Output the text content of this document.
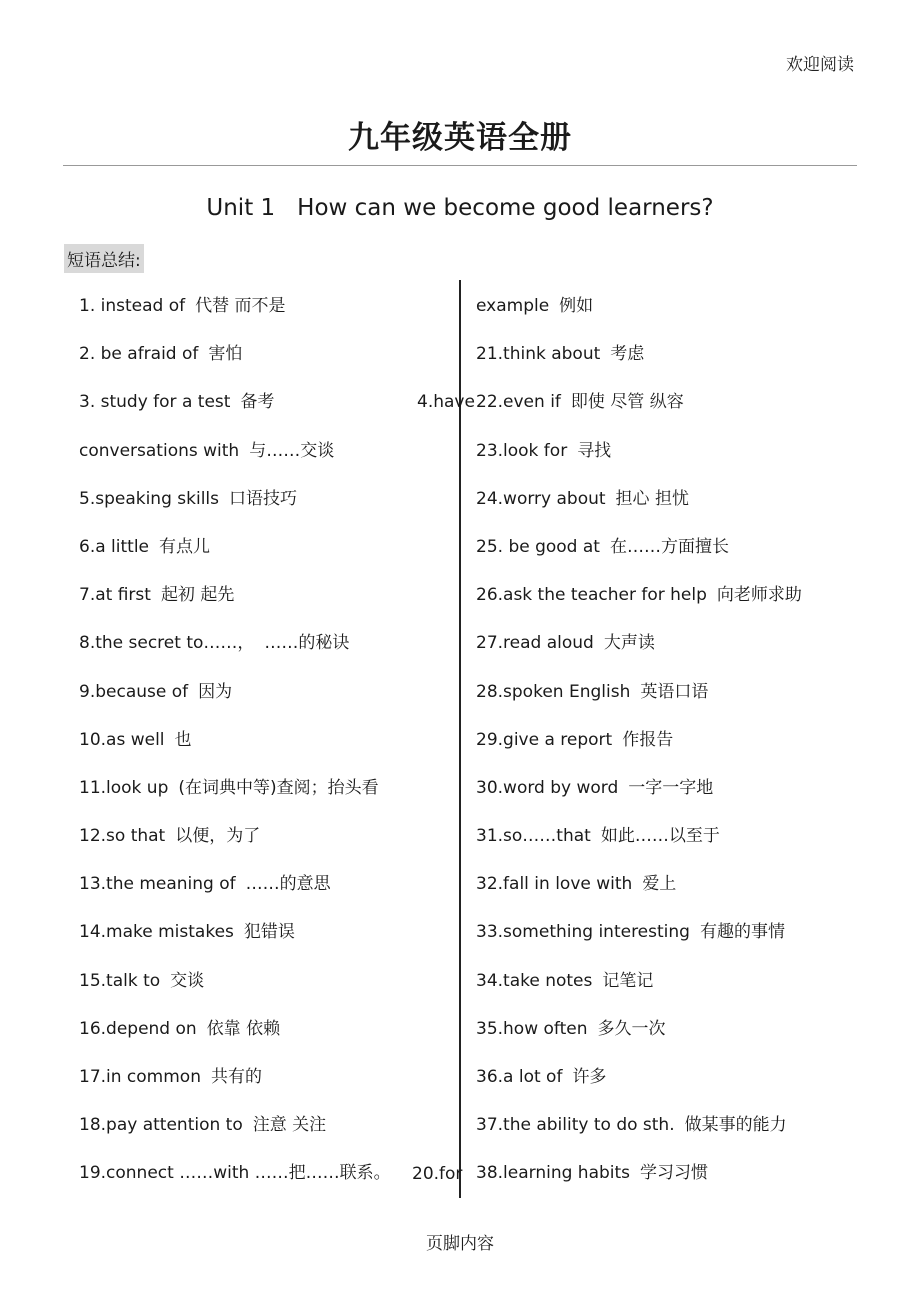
欢迎阅读
九年级英语全册
Unit 1 How can we become good learners?
短语总结:
1. instead of 代替 而不是
2. be afraid of 害怕
3. study for a test 备考
conversations with 与……交谈
5.speaking skills 口语技巧
6.a little 有点儿
7.at first 起初 起先
8.the secret to……， ……的秘诀
9.because of 因为
10.as well 也
11.look up (在词典中等)查阅；抬头看
12.so that 以便，为了
13.the meaning of ……的意思
14.make mistakes 犯错误
15.talk to 交谈
16.depend on 依靠 依赖
17.in common 共有的
18.pay attention to 注意 关注
19.connect ……with ……把……联系。
example 例如
21.think about 考虑
22.even if 即使 尽管 纵容
23.look for 寻找
24.worry about 担心 担忧
25. be good at 在……方面擅长
26.ask the teacher for help 向老师求助
27.read aloud 大声读
28.spoken English 英语口语
29.give a report 作报告
30.word by word 一字一字地
31.so……that 如此……以至于
32.fall in love with 爱上
33.something interesting 有趣的事情
34.take notes 记笔记
35.how often 多久一次
36.a lot of 许多
37.the ability to do sth. 做某事的能力
38.learning habits 学习习惯
4.have
20.for
页脚内容
